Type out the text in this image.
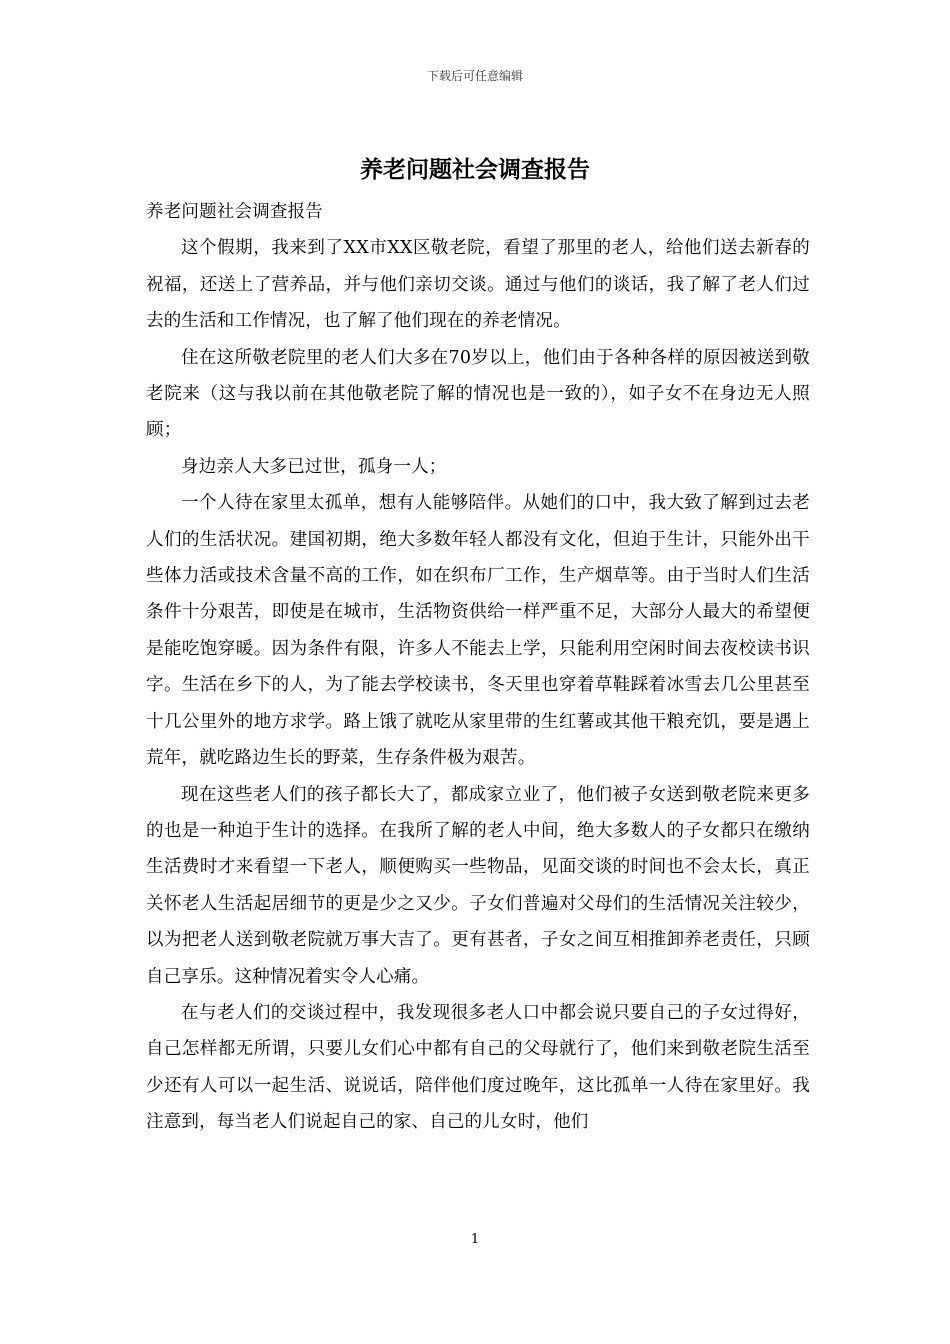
下载后可任意编辑
养老问题社会调查报告

养老问题社会调查报告

这个假期，我来到了XX市XX区敬老院，看望了那里的老人，给他们送去新春的祝福，还送上了营养品，并与他们亲切交谈。通过与他们的谈话，我了解了老人们过去的生活和工作情况，也了解了他们现在的养老情况。

住在这所敬老院里的老人们大多在70岁以上，他们由于各种各样的原因被送到敬老院来（这与我以前在其他敬老院了解的情况也是一致的），如子女不在身边无人照顾；

身边亲人大多已过世，孤身一人；

一个人待在家里太孤单，想有人能够陪伴。从她们的口中，我大致了解到过去老人们的生活状况。建国初期，绝大多数年轻人都没有文化，但迫于生计，只能外出干些体力活或技术含量不高的工作，如在织布厂工作，生产烟草等。由于当时人们生活条件十分艰苦，即使是在城市，生活物资供给一样严重不足，大部分人最大的希望便是能吃饱穿暖。因为条件有限，许多人不能去上学，只能利用空闲时间去夜校读书识字。生活在乡下的人，为了能去学校读书，冬天里也穿着草鞋踩着冰雪去几公里甚至十几公里外的地方求学。路上饿了就吃从家里带的生红薯或其他干粮充饥，要是遇上荒年，就吃路边生长的野菜，生存条件极为艰苦。

现在这些老人们的孩子都长大了，都成家立业了，他们被子女送到敬老院来更多的也是一种迫于生计的选择。在我所了解的老人中间，绝大多数人的子女都只在缴纳生活费时才来看望一下老人，顺便购买一些物品，见面交谈的时间也不会太长，真正关怀老人生活起居细节的更是少之又少。子女们普遍对父母们的生活情况关注较少，以为把老人送到敬老院就万事大吉了。更有甚者，子女之间互相推卸养老责任，只顾自己享乐。这种情况着实令人心痛。

在与老人们的交谈过程中，我发现很多老人口中都会说只要自己的子女过得好，自己怎样都无所谓，只要儿女们心中都有自己的父母就行了，他们来到敬老院生活至少还有人可以一起生活、说说话，陪伴他们度过晚年，这比孤单一人待在家里好。我注意到，每当老人们说起自己的家、自己的儿女时，他们

1
